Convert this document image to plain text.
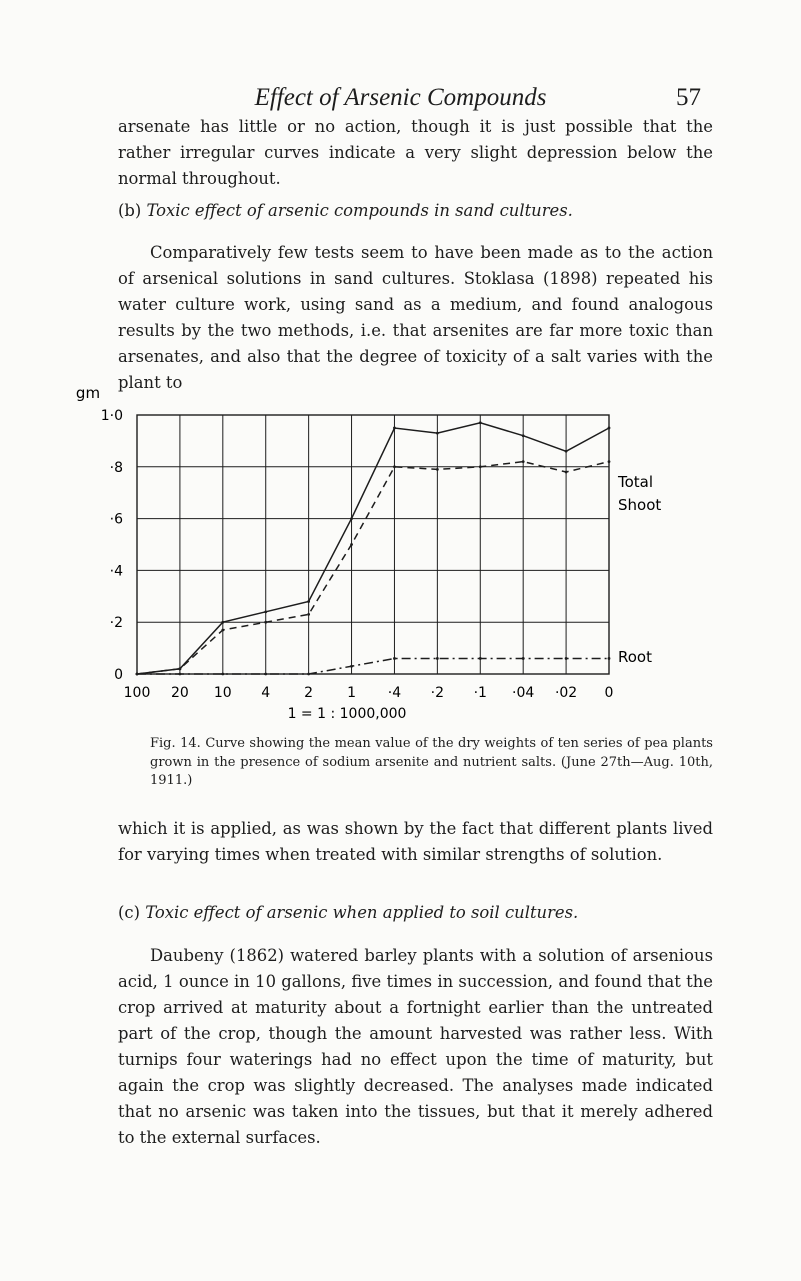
Effect of Arsenic Compounds	57

arsenate has little or no action, though it is just possible that the rather irregular curves indicate a very slight depression below the normal throughout.

(b) Toxic effect of arsenic compounds in sand cultures.

Comparatively few tests seem to have been made as to the action of arsenical solutions in sand cultures. Stoklasa (1898) repeated his water culture work, using sand as a medium, and found analogous results by the two methods, i.e. that arsenites are far more toxic than arsenates, and also that the degree of toxicity of a salt varies with the plant to

1·0
·8
·6
·4
·2
0
100 20 10 4 2 1 ·4 ·2 ·1 ·04 ·02 0
gm
1 = 1 : 1000,000
Total
Shoot
Root

Fig. 14. Curve showing the mean value of the dry weights of ten series of pea plants grown in the presence of sodium arsenite and nutrient salts. (June 27th—Aug. 10th, 1911.)

which it is applied, as was shown by the fact that different plants lived for varying times when treated with similar strengths of solution.

(c) Toxic effect of arsenic when applied to soil cultures.

Daubeny (1862) watered barley plants with a solution of arsenious acid, 1 ounce in 10 gallons, five times in succession, and found that the crop arrived at maturity about a fortnight earlier than the untreated part of the crop, though the amount harvested was rather less. With turnips four waterings had no effect upon the time of maturity, but again the crop was slightly decreased. The analyses made indicated that no arsenic was taken into the tissues, but that it merely adhered to the external surfaces.
